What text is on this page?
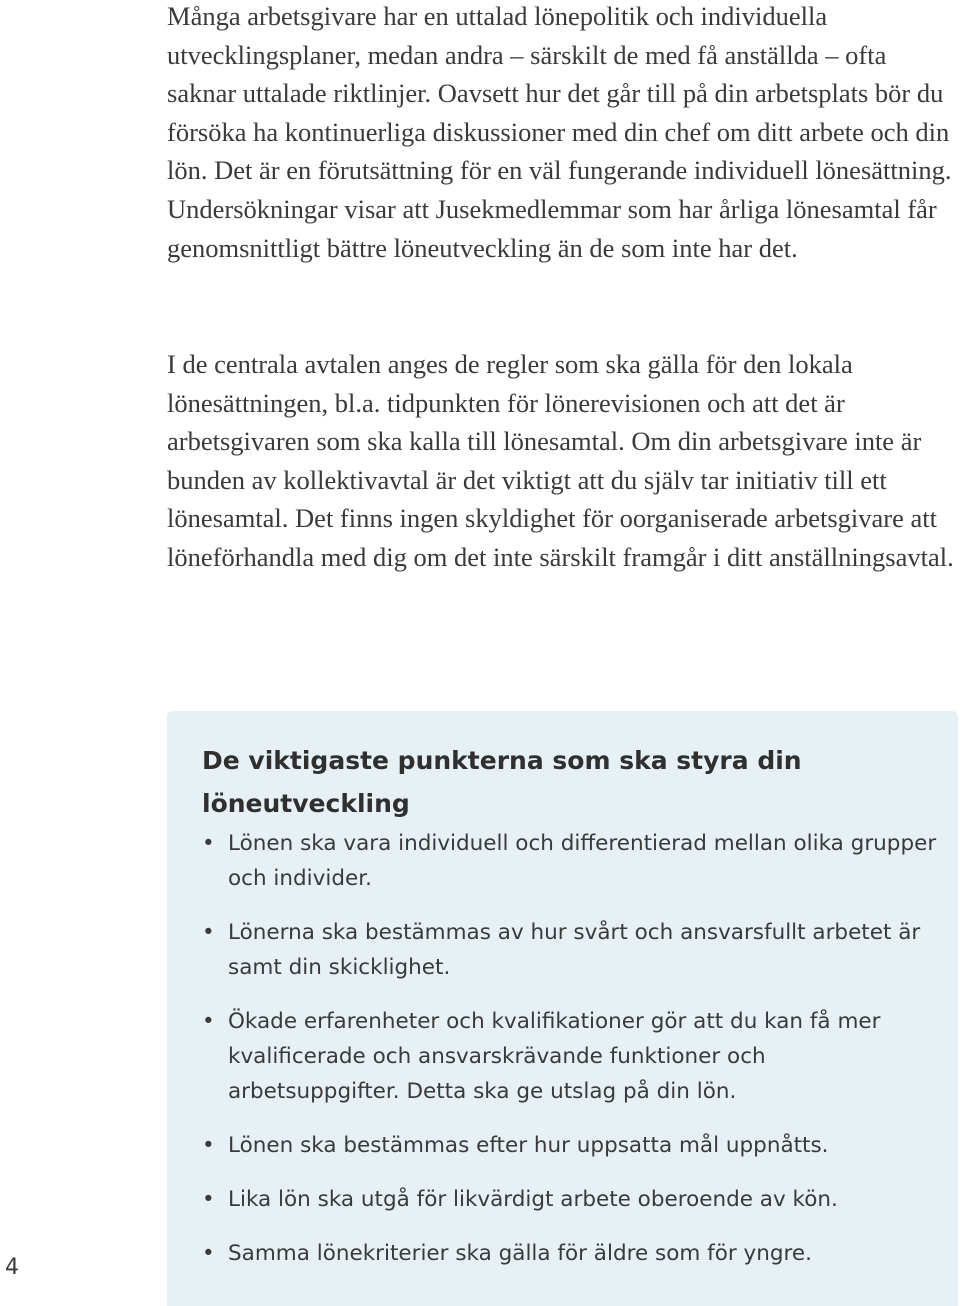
Många arbetsgivare har en uttalad lönepolitik och individuella utvecklingsplaner, medan andra – särskilt de med få anställda – ofta saknar uttalade riktlinjer. Oavsett hur det går till på din arbetsplats bör du försöka ha kontinuerliga diskussioner med din chef om ditt arbete och din lön. Det är en förutsättning för en väl fungerande individuell lönesättning. Undersökningar visar att Jusekmedlemmar som har årliga lönesamtal får genomsnittligt bättre löneutveckling än de som inte har det.

I de centrala avtalen anges de regler som ska gälla för den lokala lönesättningen, bl.a. tidpunkten för lönerevisionen och att det är arbetsgivaren som ska kalla till lönesamtal. Om din arbetsgivare inte är bunden av kollektivavtal är det viktigt att du själv tar initiativ till ett lönesamtal. Det finns ingen skyldighet för oorganiserade arbetsgivare att löneförhandla med dig om det inte särskilt framgår i ditt anställningsavtal.

De viktigaste punkterna som ska styra din löneutveckling
• Lönen ska vara individuell och differentierad mellan olika grupper och individer.
• Lönerna ska bestämmas av hur svårt och ansvarsfullt arbetet är samt din skicklighet.
• Ökade erfarenheter och kvalifikationer gör att du kan få mer kvalificerade och ansvarskrävande funktioner och arbetsuppgifter. Detta ska ge utslag på din lön.
• Lönen ska bestämmas efter hur uppsatta mål uppnåtts.
• Lika lön ska utgå för likvärdigt arbete oberoende av kön.
• Samma lönekriterier ska gälla för äldre som för yngre.
4
